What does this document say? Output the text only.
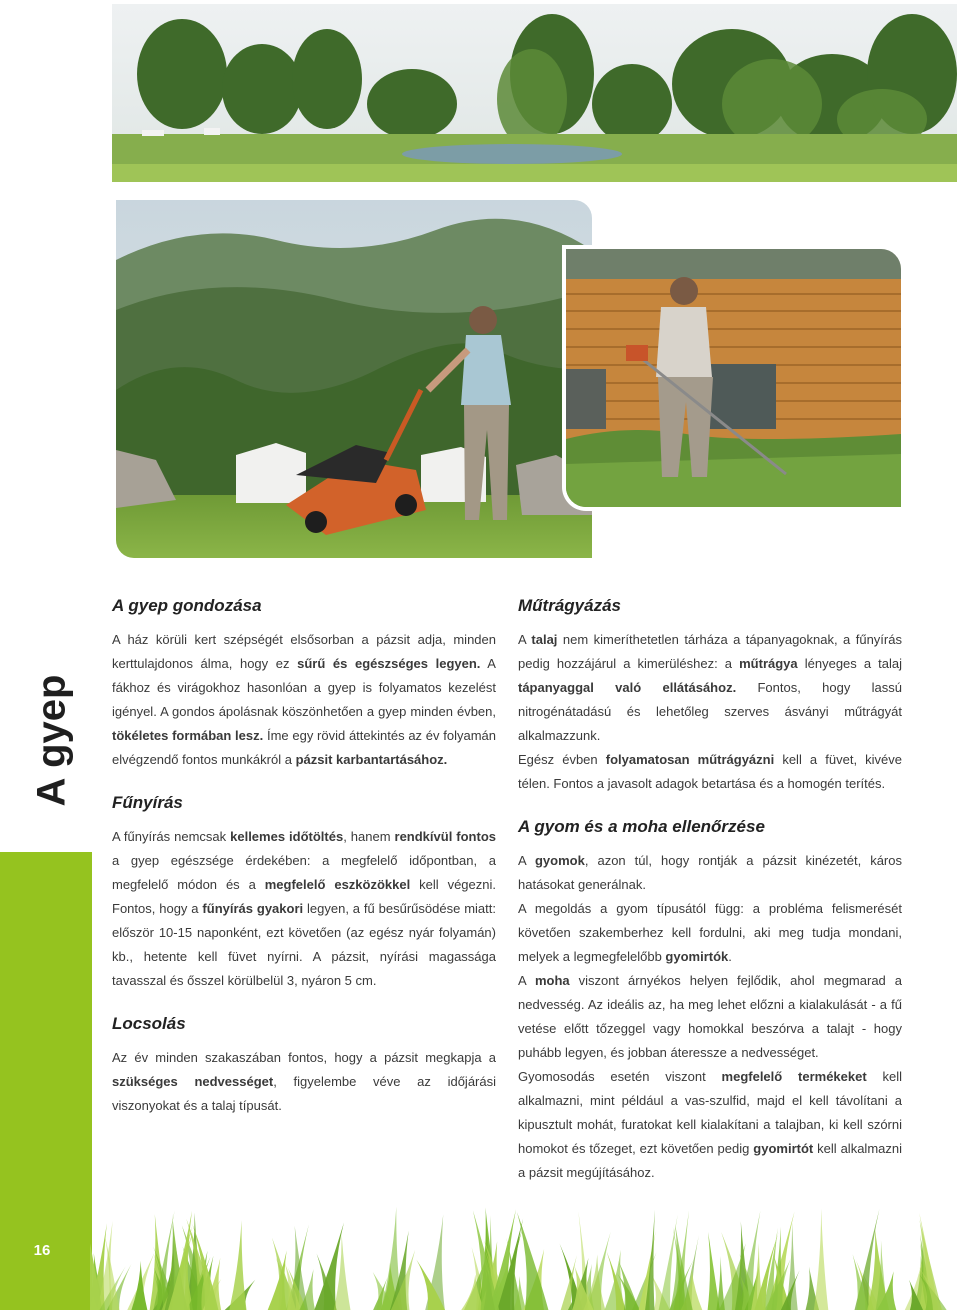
A gyep
16
A gyep gondozása

A ház körüli kert szépségét elsősorban a pázsit adja, minden kerttulajdonos álma, hogy ez sűrű és egészséges legyen. A fákhoz és virágokhoz hasonlóan a gyep is folyamatos kezelést igényel. A gondos ápolásnak köszönhetően a gyep minden évben, tökéletes formában lesz. Íme egy rövid áttekintés az év folyamán elvégzendő fontos munkákról a pázsit karbantartásához.

Fűnyírás

A fűnyírás nemcsak kellemes időtöltés, hanem rendkívül fontos a gyep egészsége érdekében: a megfelelő időpontban, a megfelelő módon és a megfelelő eszközökkel kell végezni. Fontos, hogy a fűnyírás gyakori legyen, a fű besűrűsödése miatt: először 10-15 naponként, ezt követően (az egész nyár folyamán) kb., hetente kell füvet nyírni. A pázsit, nyírási magassága tavasszal és ősszel körülbelül 3, nyáron 5 cm.

Locsolás

Az év minden szakaszában fontos, hogy a pázsit megkapja a szükséges nedvességet, figyelembe véve az időjárási viszonyokat és a talaj típusát.

Műtrágyázás

A talaj nem kimeríthetetlen tárháza a tápanyagoknak, a fűnyírás pedig hozzájárul a kimerüléshez: a műtrágya lényeges a talaj tápanyaggal való ellátásához. Fontos, hogy lassú nitrogénátadású és lehetőleg szerves ásványi műtrágyát alkalmazzunk.

Egész évben folyamatosan műtrágyázni kell a füvet, kivéve télen. Fontos a javasolt adagok betartása és a homogén terítés.

A gyom és a moha ellenőrzése

A gyomok, azon túl, hogy rontják a pázsit kinézetét, káros hatásokat generálnak.

A megoldás a gyom típusától függ: a probléma felismerését követően szakemberhez kell fordulni, aki meg tudja mondani, melyek a legmegfelelőbb gyomirtók.

A moha viszont árnyékos helyen fejlődik, ahol megmarad a nedvesség. Az ideális az, ha meg lehet előzni a kialakulását - a fű vetése előtt tőzeggel vagy homokkal beszórva a talajt - hogy puhább legyen, és jobban áteressze a nedvességet.

Gyomosodás esetén viszont megfelelő termékeket kell alkalmazni, mint például a vas-szulfid, majd el kell távolítani a kipusztult mohát, furatokat kell kialakítani a talajban, ki kell szórni homokot és tőzeget, ezt követően pedig gyomirtót kell alkalmazni a pázsit megújításához.
